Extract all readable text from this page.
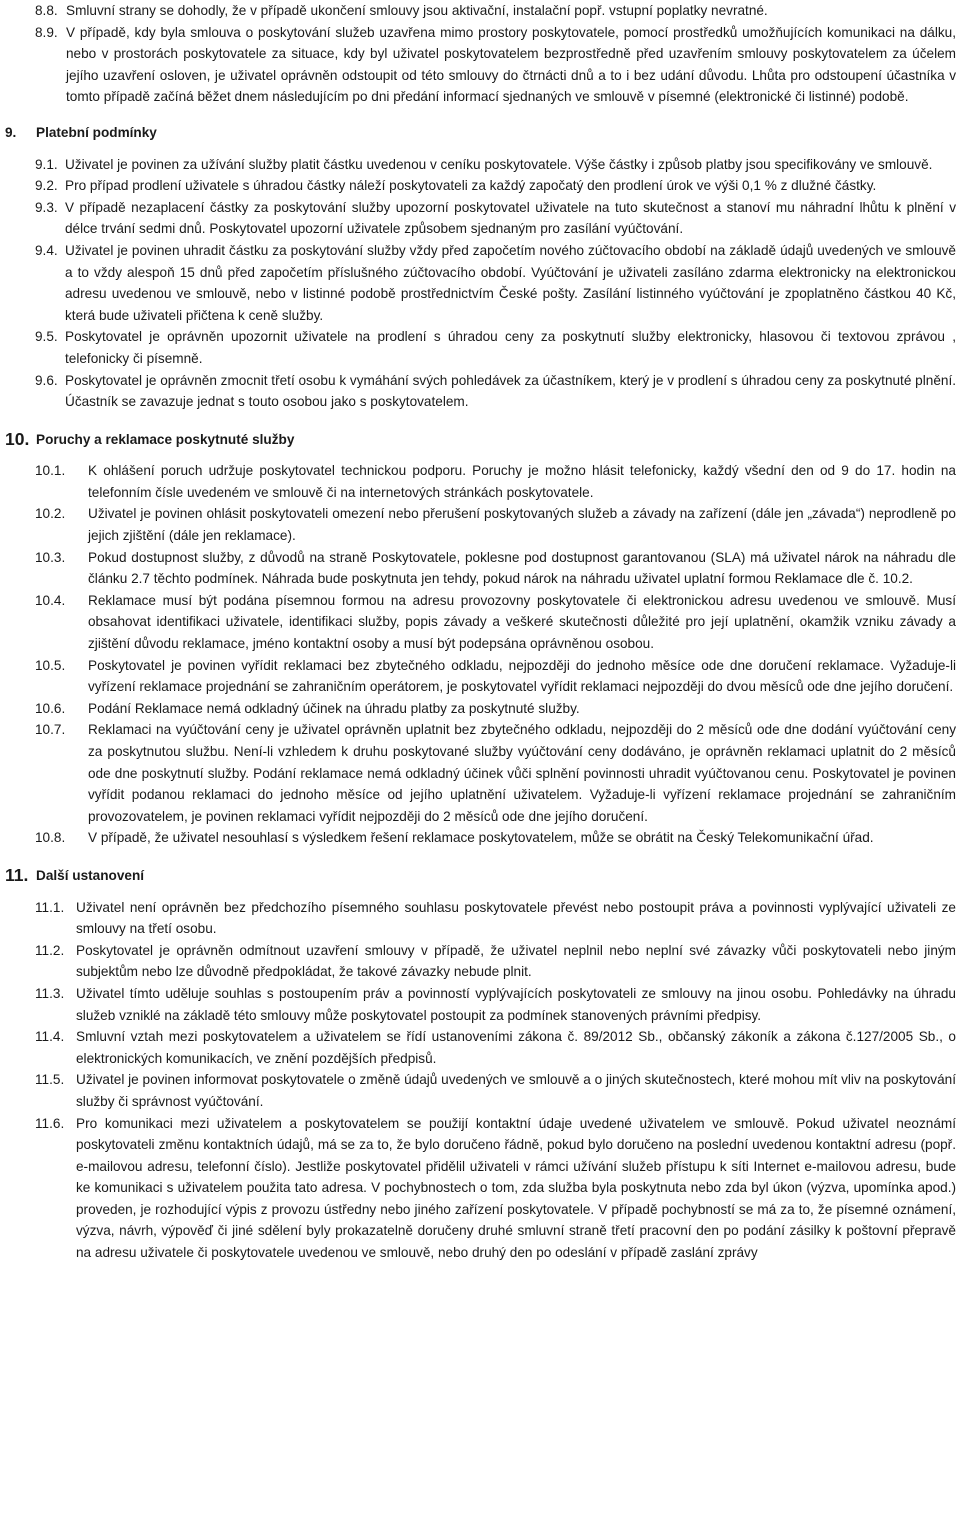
8.8. Smluvní strany se dohodly, že v případě ukončení smlouvy jsou aktivační, instalační popř. vstupní poplatky nevratné.
8.9. V případě, kdy byla smlouva o poskytování služeb uzavřena mimo prostory poskytovatele, pomocí prostředků umožňujících komunikaci na dálku, nebo v prostorách poskytovatele za situace, kdy byl uživatel poskytovatelem bezprostředně před uzavřením smlouvy poskytovatelem za účelem jejího uzavření osloven, je uživatel oprávněn odstoupit od této smlouvy do čtrnácti dnů a to i bez udání důvodu. Lhůta pro odstoupení účastníka v tomto případě začíná běžet dnem následujícím po dni předání informací sjednaných ve smlouvě v písemné (elektronické či listinné) podobě.
9. Platební podmínky
9.1. Uživatel je povinen za užívání služby platit částku uvedenou v ceníku poskytovatele. Výše částky i způsob platby jsou specifikovány ve smlouvě.
9.2. Pro případ prodlení uživatele s úhradou částky náleží poskytovateli za každý započatý den prodlení úrok ve výši 0,1 % z dlužné částky.
9.3. V případě nezaplacení částky za poskytování služby upozorní poskytovatel uživatele na tuto skutečnost a stanoví mu náhradní lhůtu k plnění v délce trvání sedmi dnů. Poskytovatel upozorní uživatele způsobem sjednaným pro zasílání vyúčtování.
9.4. Uživatel je povinen uhradit částku za poskytování služby vždy před započetím nového zúčtovacího období na základě údajů uvedených ve smlouvě a to vždy alespoň 15 dnů před započetím příslušného zúčtovacího období. Vyúčtování je uživateli zasíláno zdarma elektronicky na elektronickou adresu uvedenou ve smlouvě, nebo v listinné podobě prostřednictvím České pošty. Zasílání listinného vyúčtování je zpoplatněno částkou 40 Kč, která bude uživateli přičtena k ceně služby.
9.5. Poskytovatel je oprávněn upozornit uživatele na prodlení s úhradou ceny za poskytnutí služby elektronicky, hlasovou či textovou zprávou , telefonicky či písemně.
9.6. Poskytovatel je oprávněn zmocnit třetí osobu k vymáhání svých pohledávek za účastníkem, který je v prodlení s úhradou ceny za poskytnuté plnění. Účastník se zavazuje jednat s touto osobou jako s poskytovatelem.
10. Poruchy a reklamace poskytnuté služby
10.1. K ohlášení poruch udržuje poskytovatel technickou podporu. Poruchy je možno hlásit telefonicky, každý všední den od 9 do 17. hodin na telefonním čísle uvedeném ve smlouvě či na internetových stránkách poskytovatele.
10.2. Uživatel je povinen ohlásit poskytovateli omezení nebo přerušení poskytovaných služeb a závady na zařízení (dále jen „závada“) neprodleně po jejich zjištění (dále jen reklamace).
10.3. Pokud dostupnost služby, z důvodů na straně Poskytovatele, poklesne pod dostupnost garantovanou (SLA) má uživatel nárok na náhradu dle článku 2.7 těchto podmínek. Náhrada bude poskytnuta jen tehdy, pokud nárok na náhradu uživatel uplatní formou Reklamace dle č. 10.2.
10.4. Reklamace musí být podána písemnou formou na adresu provozovny poskytovatele či elektronickou adresu uvedenou ve smlouvě. Musí obsahovat identifikaci uživatele, identifikaci služby, popis závady a veškeré skutečnosti důležité pro její uplatnění, okamžik vzniku závady a zjištění důvodu reklamace, jméno kontaktní osoby a musí být podepsána oprávněnou osobou.
10.5. Poskytovatel je povinen vyřídit reklamaci bez zbytečného odkladu, nejpozději do jednoho měsíce ode dne doručení reklamace. Vyžaduje-li vyřízení reklamace projednání se zahraničním operátorem, je poskytovatel vyřídit reklamaci nejpozději do dvou měsíců ode dne jejího doručení.
10.6. Podání Reklamace nemá odkladný účinek na úhradu platby za poskytnuté služby.
10.7. Reklamaci na vyúčtování ceny je uživatel oprávněn uplatnit bez zbytečného odkladu, nejpozději do 2 měsíců ode dne dodání vyúčtování ceny za poskytnutou službu. Není-li vzhledem k druhu poskytované služby vyúčtování ceny dodáváno, je oprávněn reklamaci uplatnit do 2 měsíců ode dne poskytnutí služby. Podání reklamace nemá odkladný účinek vůči splnění povinnosti uhradit vyúčtovanou cenu. Poskytovatel je povinen vyřídit podanou reklamaci do jednoho měsíce od jejího uplatnění uživatelem. Vyžaduje-li vyřízení reklamace projednání se zahraničním provozovatelem, je povinen reklamaci vyřídit nejpozději do 2 měsíců ode dne jejího doručení.
10.8. V případě, že uživatel nesouhlasí s výsledkem řešení reklamace poskytovatelem, může se obrátit na Český Telekomunikační úřad.
11. Další ustanovení
11.1. Uživatel není oprávněn bez předchozího písemného souhlasu poskytovatele převést nebo postoupit práva a povinnosti vyplývající uživateli ze smlouvy na třetí osobu.
11.2. Poskytovatel je oprávněn odmítnout uzavření smlouvy v případě, že uživatel neplnil nebo neplní své závazky vůči poskytovateli nebo jiným subjektům nebo lze důvodně předpokládat, že takové závazky nebude plnit.
11.3. Uživatel tímto uděluje souhlas s postoupením práv a povinností vyplývajících poskytovateli ze smlouvy na jinou osobu. Pohledávky na úhradu služeb vzniklé na základě této smlouvy může poskytovatel postoupit za podmínek stanovených právními předpisy.
11.4. Smluvní vztah mezi poskytovatelem a uživatelem se řídí ustanoveními zákona č. 89/2012 Sb., občanský zákoník a zákona č.127/2005 Sb., o elektronických komunikacích, ve znění pozdějších předpisů.
11.5. Uživatel je povinen informovat poskytovatele o změně údajů uvedených ve smlouvě a o jiných skutečnostech, které mohou mít vliv na poskytování služby či správnost vyúčtování.
11.6. Pro komunikaci mezi uživatelem a poskytovatelem se použijí kontaktní údaje uvedené uživatelem ve smlouvě. Pokud uživatel neoznámí poskytovateli změnu kontaktních údajů, má se za to, že bylo doručeno řádně, pokud bylo doručeno na poslední uvedenou kontaktní adresu (popř. e-mailovou adresu, telefonní číslo). Jestliže poskytovatel přidělil uživateli v rámci užívání služeb přístupu k síti Internet e-mailovou adresu, bude ke komunikaci s uživatelem použita tato adresa. V pochybnostech o tom, zda služba byla poskytnuta nebo zda byl úkon (výzva, upomínka apod.) proveden, je rozhodující výpis z provozu ústředny nebo jiného zařízení poskytovatele. V případě pochybností se má za to, že písemné oznámení, výzva, návrh, výpověď či jiné sdělení byly prokazatelně doručeny druhé smluvní straně třetí pracovní den po podání zásilky k poštovní přepravě na adresu uživatele či poskytovatele uvedenou ve smlouvě, nebo druhý den po odeslání v případě zaslání zprávy
